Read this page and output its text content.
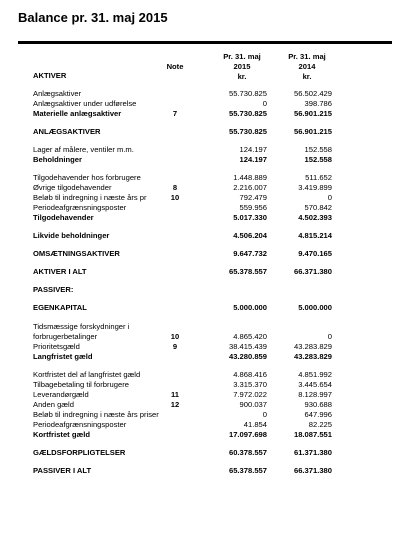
Balance pr. 31. maj 2015
Note
Pr. 31. maj
2015
kr.
Pr. 31. maj
2014
kr.
AKTIVER
Anlægsaktiver	55.730.825	56.502.429
Anlægsaktiver under udførelse	0	398.786
Materielle anlægsaktiver	7	55.730.825	56.901.215
ANLÆGSAKTIVER	55.730.825	56.901.215
Lager af målere, ventiler m.m.	124.197	152.558
Beholdninger	124.197	152.558
Tilgodehavender hos forbrugere	1.448.889	511.652
Øvrige tilgodehavender	8	2.216.007	3.419.899
Beløb til indregning i næste års pr	10	792.479	0
Periodeafgrænsningsposter	559.956	570.842
Tilgodehavender	5.017.330	4.502.393
Likvide beholdninger	4.506.204	4.815.214
OMSÆTNINGSAKTIVER	9.647.732	9.470.165
AKTIVER I ALT	65.378.557	66.371.380
PASSIVER:
EGENKAPITAL	5.000.000	5.000.000
Tidsmæssige forskydninger i
forbrugerbetalinger	10	4.865.420	0
Prioritetsgæld	9	38.415.439	43.283.829
Langfristet gæld	43.280.859	43.283.829
Kortfristet del af langfristet gæld	4.868.416	4.851.992
Tilbagebetaling til forbrugere	3.315.370	3.445.654
Leverandørgæld	11	7.972.022	8.128.997
Anden gæld	12	900.037	930.688
Beløb til indregning i næste års priser	0	647.996
Periodeafgrænsningsposter	41.854	82.225
Kortfristet gæld	17.097.698	18.087.551
GÆLDSFORPLIGTELSER	60.378.557	61.371.380
PASSIVER I ALT	65.378.557	66.371.380
